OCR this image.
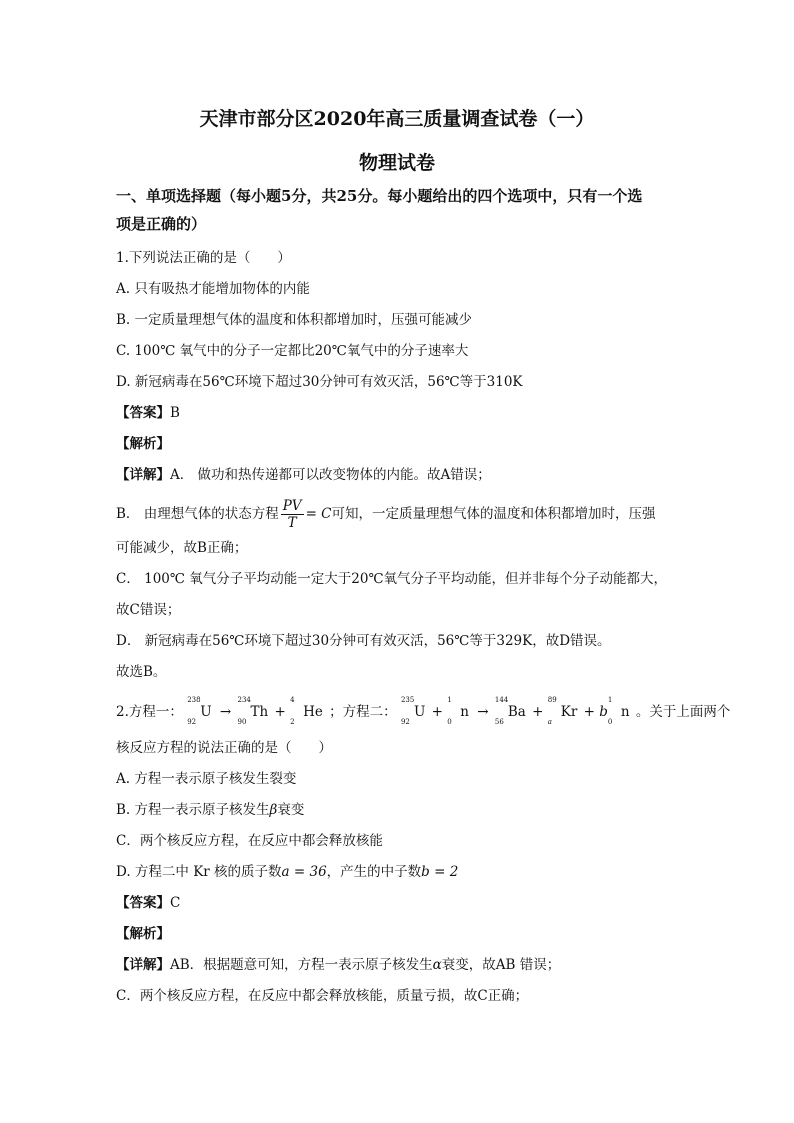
天津市部分区2020年高三质量调查试卷（一）
物理试卷
一、单项选择题（每小题5分，共25分。每小题给出的四个选项中，只有一个选
项是正确的）
1.下列说法正确的是（　　）
A. 只有吸热才能增加物体的内能
B. 一定质量理想气体的温度和体积都增加时，压强可能减少
C. 100℃ 氧气中的分子一定都比20℃氧气中的分子速率大
D. 新冠病毒在56℃环境下超过30分钟可有效灭活，56℃等于310K
【答案】B
【解析】
【详解】A． 做功和热传递都可以改变物体的内能。故A错误；
B． 由理想气体的状态方程 $\frac{PV}{T} = C$可知，一定质量理想气体的温度和体积都增加时，压强
可能减少，故B正确；
C． 100℃ 氧气分子平均动能一定大于20℃氧气分子平均动能，但并非每个分子动能都大，
故C错误；
D． 新冠病毒在56℃环境下超过30分钟可有效灭活，56℃等于329K，故D错误。
故选B。
2.方程一：
238
92
U →
234
90
Th +
4
2
He ；方程二：
235
92
U +
1
0
n →
144
56
Ba +
89
a
Kr + b
1
0
n 。关于上面两个
核反应方程的说法正确的是（　　）
A. 方程一表示原子核发生裂变
B. 方程一表示原子核发生β衰变
C．两个核反应方程，在反应中都会释放核能
D. 方程二中 Kr 核的质子数a = 36，产生的中子数b = 2
【答案】C
【解析】
【详解】AB．根据题意可知，方程一表示原子核发生α衰变，故AB 错误；
C．两个核反应方程，在反应中都会释放核能，质量亏损，故C正确；
